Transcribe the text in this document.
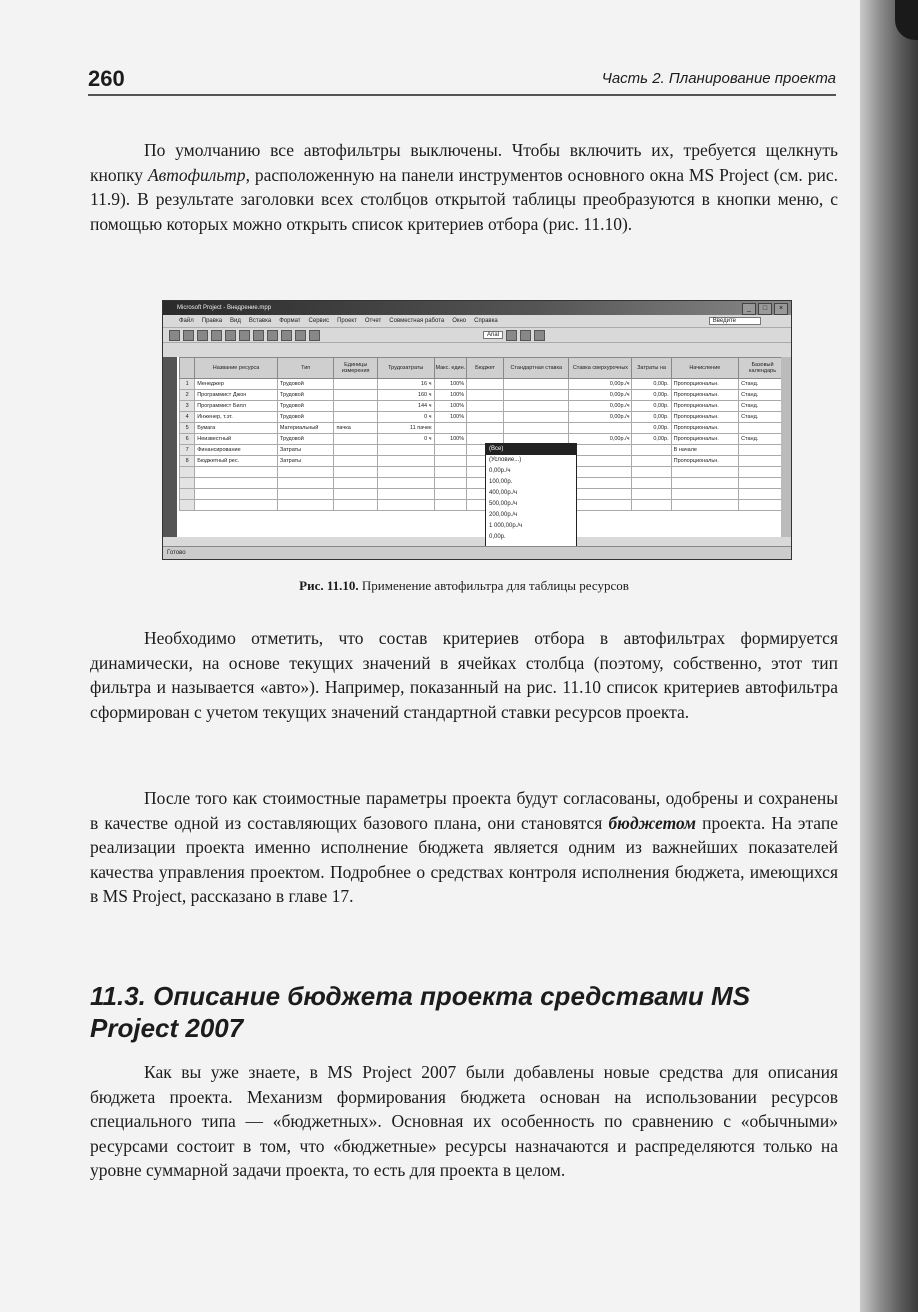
260	Часть 2. Планирование проекта

По умолчанию все автофильтры выключены. Чтобы включить их, требуется щелкнуть кнопку Автофильтр, расположенную на панели инструментов основного окна MS Project (см. рис. 11.9). В результате заголовки всех столбцов открытой таблицы преобразуются в кнопки меню, с помощью которых можно открыть список критериев отбора (рис. 11.10).

Microsoft Project - Внедрение.mpp	_	□	×
Файл Правка Вид Вставка Формат Сервис Проект Отчет Совместная работа Окно Справка	Введите
Arial
	Название ресурса	Тип	Единицы измерения	Трудозатраты	Макс. един.	Бюджет	Стандартная ставка	Ставка сверхурочных	Затраты на	Начисление	Базовый календарь
1	Менеджер	Трудовой		16 ч	100%			0,00р./ч	0,00р.	Пропорциональн.	Станд.
2	Программист Джон	Трудовой		160 ч	100%			0,00р./ч	0,00р.	Пропорциональн.	Станд.
3	Программист Билл	Трудовой		144 ч	100%			0,00р./ч	0,00р.	Пропорциональн.	Станд.
4	Инженер, т.эт.	Трудовой		0 ч	100%			0,00р./ч	0,00р.	Пропорциональн.	Станд.
5	Бумага	Материальный	пачка	11 пачек					0,00р.	Пропорциональн.	
6	Неизвестный	Трудовой		0 ч	100%			0,00р./ч	0,00р.	Пропорциональн.	Станд.
7	Финансирование	Затраты								В начале	
8	Бюджетный рес.	Затраты								Пропорциональн.	

(Все)
(Условие...)
0,00р./ч
100,00р.
400,00р./ч
500,00р./ч
200,00р./ч
1 000,00р./ч
0,00р.
Готово
Рис. 11.10. Применение автофильтра для таблицы ресурсов

Необходимо отметить, что состав критериев отбора в автофильтрах формируется динамически, на основе текущих значений в ячейках столбца (поэтому, собственно, этот тип фильтра и называется «авто»). Например, показанный на рис. 11.10 список критериев автофильтра сформирован с учетом текущих значений стандартной ставки ресурсов проекта.

После того как стоимостные параметры проекта будут согласованы, одобрены и сохранены в качестве одной из составляющих базового плана, они становятся бюджетом проекта. На этапе реализации проекта именно исполнение бюджета является одним из важнейших показателей качества управления проектом. Подробнее о средствах контроля исполнения бюджета, имеющихся в MS Project, рассказано в главе 17.

11.3. Описание бюджета проекта средствами MS Project 2007

Как вы уже знаете, в MS Project 2007 были добавлены новые средства для описания бюджета проекта. Механизм формирования бюджета основан на использовании ресурсов специального типа — «бюджетных». Основная их особенность по сравнению с «обычными» ресурсами состоит в том, что «бюджетные» ресурсы назначаются и распределяются только на уровне суммарной задачи проекта, то есть для проекта в целом.
